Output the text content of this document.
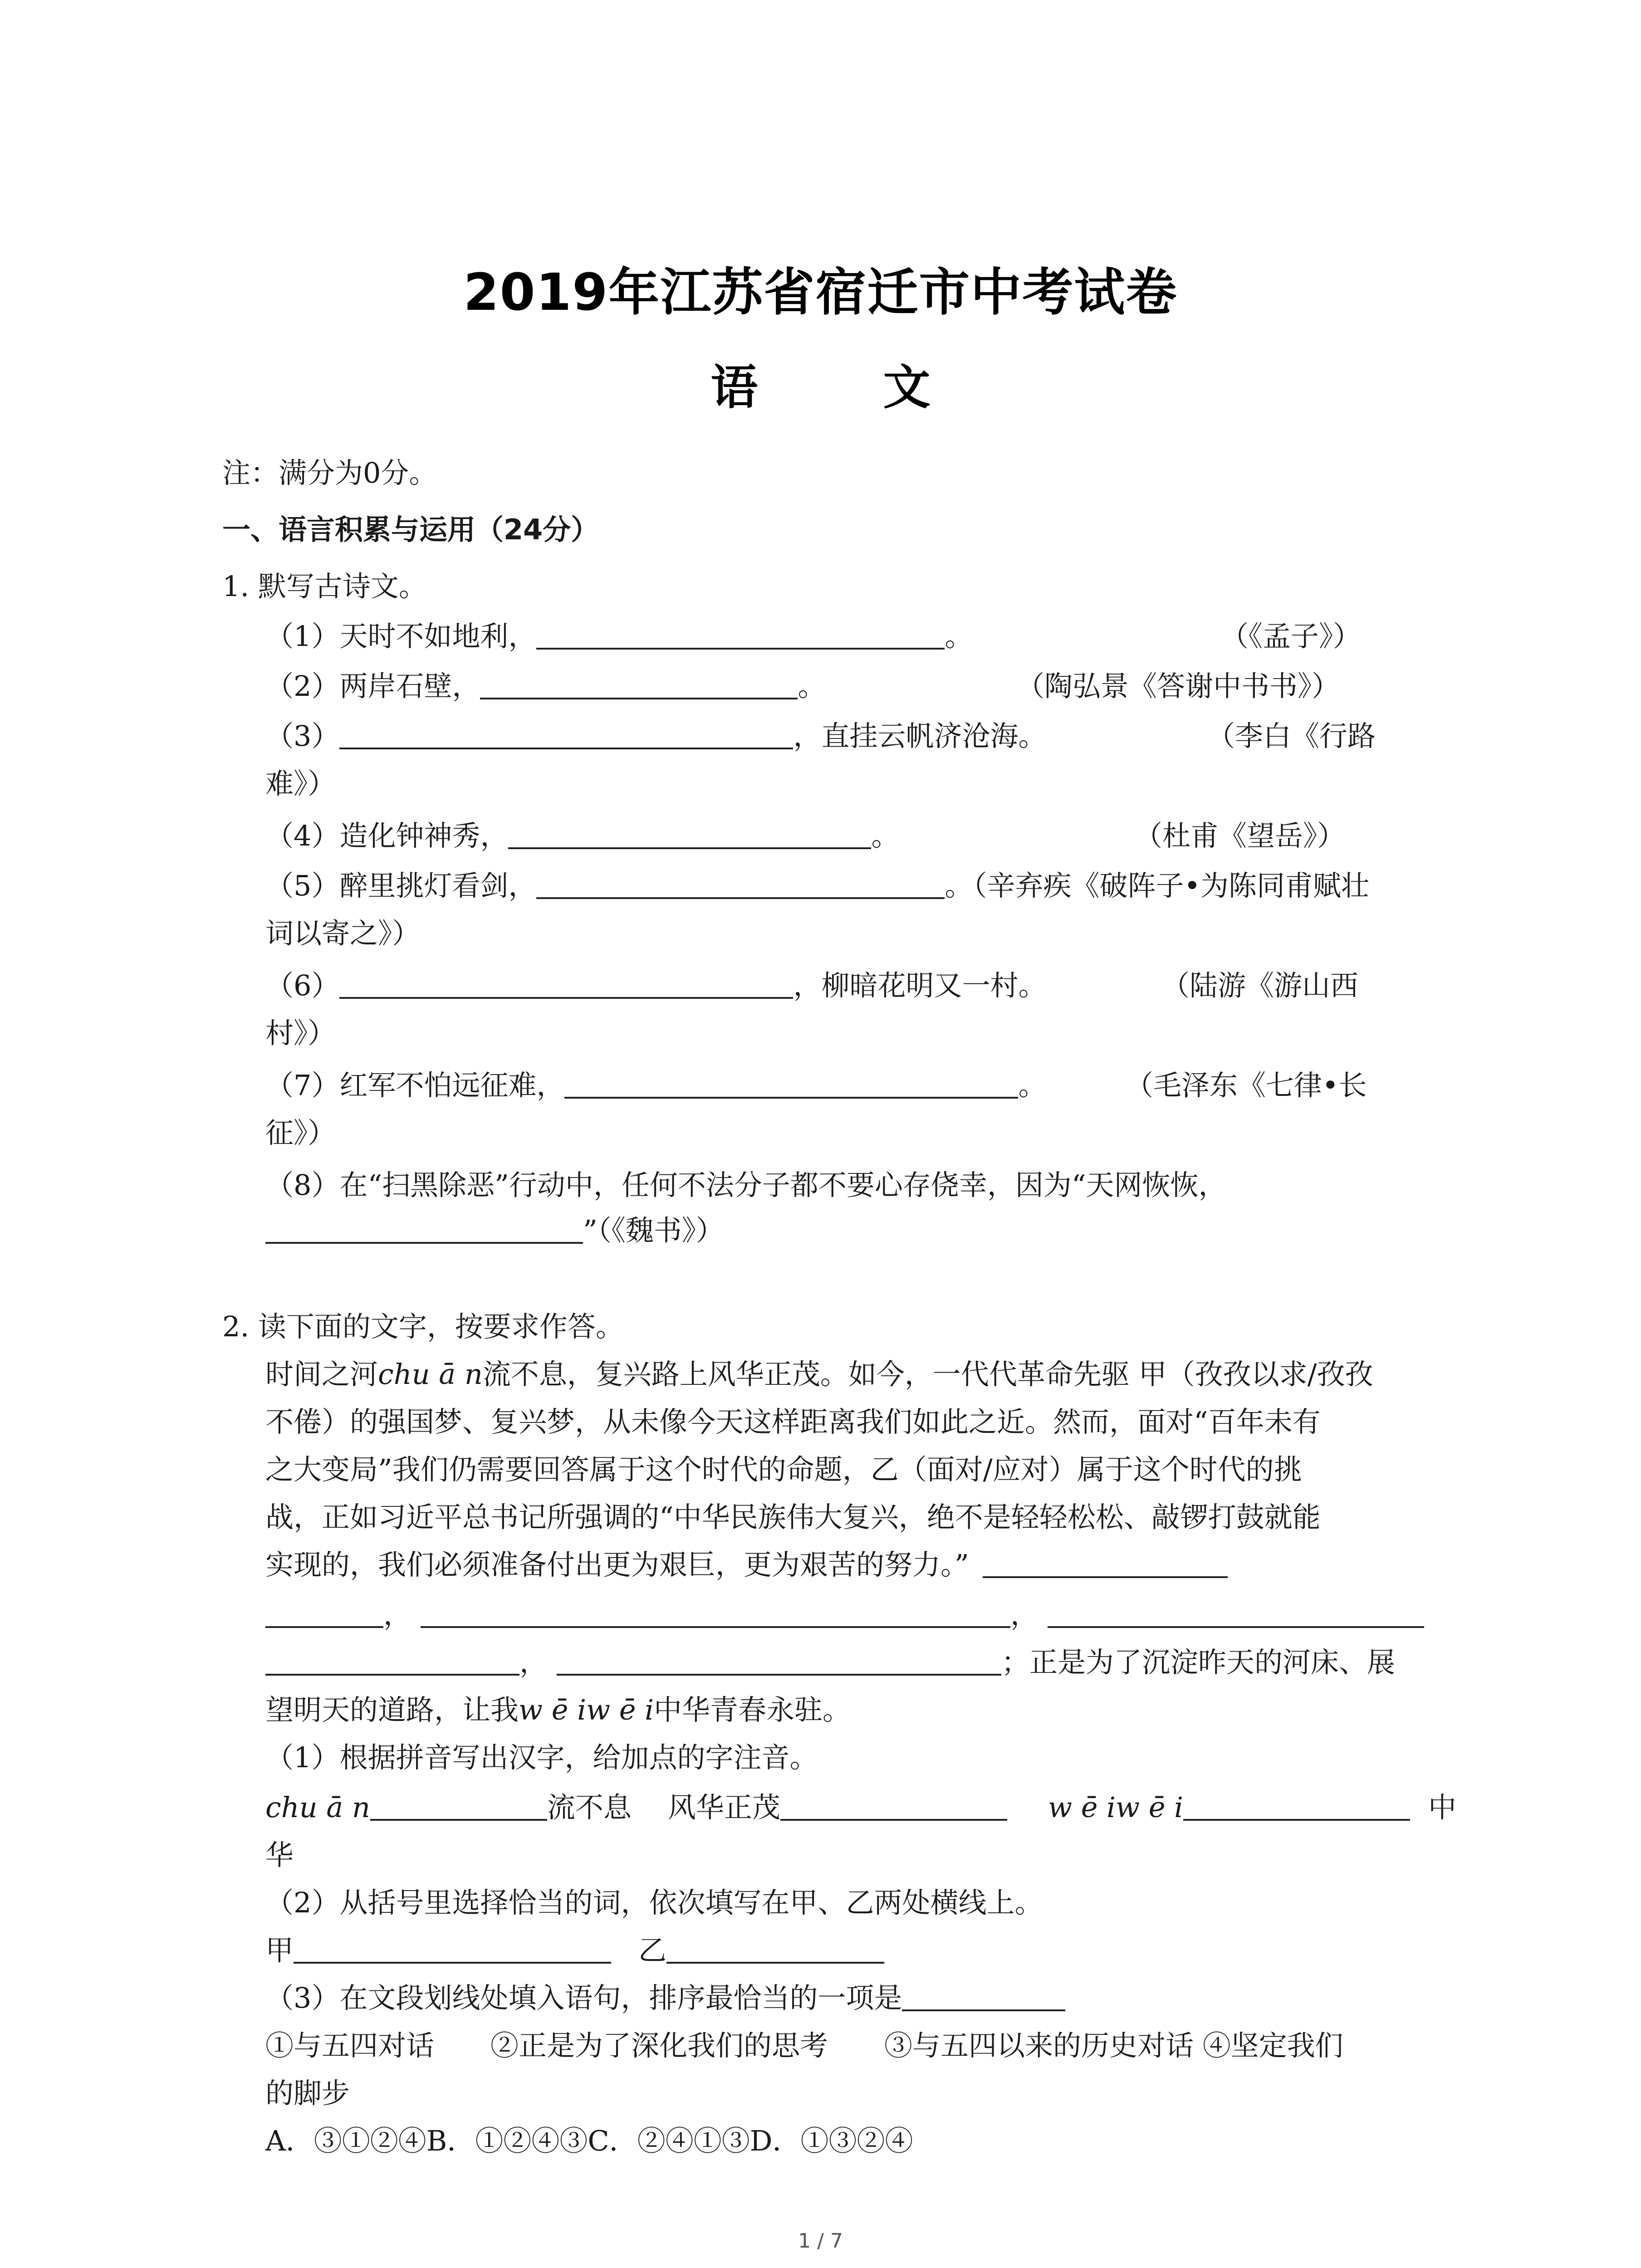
2019年江苏省宿迁市中考试卷
语 文
注：满分为0分。
一、语言积累与运用（24分）
1. 默写古诗文。
（1）天时不如地利，	。	（《孟子》）
（2）两岸石壁，	。	（陶弘景《答谢中书书》）
（3）	，直挂云帆济沧海。	（李白《行路
难》）
（4）造化钟神秀，	。	（杜甫《望岳》）
（5）醉里挑灯看剑，	。（辛弃疾《破阵子•为陈同甫赋壮
词以寄之》）
（6）	，柳暗花明又一村。	（陆游《游山西
村》）
（7）红军不怕远征难，	。	（毛泽东《七律•长
征》）
（8）在“扫黑除恶”行动中，任何不法分子都不要心存侥幸，因为“天网恢恢，
”（《魏书》）
2. 读下面的文字，按要求作答。
时间之河chu ā n流不息，复兴路上风华正茂。如今，一代代革命先驱 甲（孜孜以求/孜孜
不倦）的强国梦、复兴梦，从未像今天这样距离我们如此之近。然而，面对“百年未有
之大变局”我们仍需要回答属于这个时代的命题，乙（面对/应对）属于这个时代的挑
战，正如习近平总书记所强调的“中华民族伟大复兴，绝不是轻轻松松、敲锣打鼓就能
实现的，我们必须准备付出更为艰巨，更为艰苦的努力。”
，	，
，	；正是为了沉淀昨天的河床、展
望明天的道路，让我w ē iw ē i中华青春永驻。
（1）根据拼音写出汉字，给加点的字注音。
chu ā n	流不息 风华正茂	w ē iw ē i	中
华
（2）从括号里选择恰当的词，依次填写在甲、乙两处横线上。
甲	乙
（3）在文段划线处填入语句，排序最恰当的一项是
①与五四对话　　②正是为了深化我们的思考　　③与五四以来的历史对话 ④坚定我们
的脚步
A．③①②④B．①②④③C．②④①③D．①③②④
1 / 7
